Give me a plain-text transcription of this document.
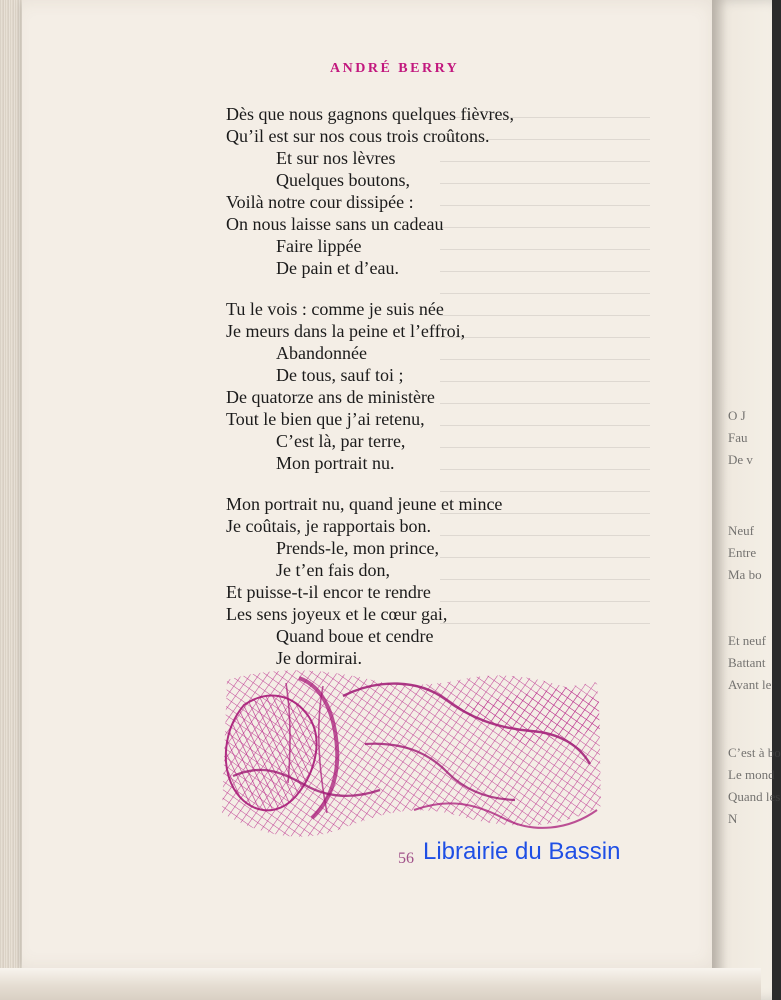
ANDRÉ BERRY
Dès que nous gagnons quelques fièvres,
Qu’il est sur nos cous trois croûtons.
Et sur nos lèvres
Quelques boutons,
Voilà notre cour dissipée :
On nous laisse sans un cadeau
Faire lippée
De pain et d’eau.
Tu le vois : comme je suis née
Je meurs dans la peine et l’effroi,
Abandonnée
De tous, sauf toi ;
De quatorze ans de ministère
Tout le bien que j’ai retenu,
C’est là, par terre,
Mon portrait nu.
Mon portrait nu, quand jeune et mince
Je coûtais, je rapportais bon.
Prends-le, mon prince,
Je t’en fais don,
Et puisse-t-il encor te rendre
Les sens joyeux et le cœur gai,
Quand boue et cendre
Je dormirai.
56 Librairie du Bassin
O J
Fau
De v
Neuf
Entre
Ma bo
Et neuf
Battant
Avant le
C’est à bo
Le mond
Quand les
N
